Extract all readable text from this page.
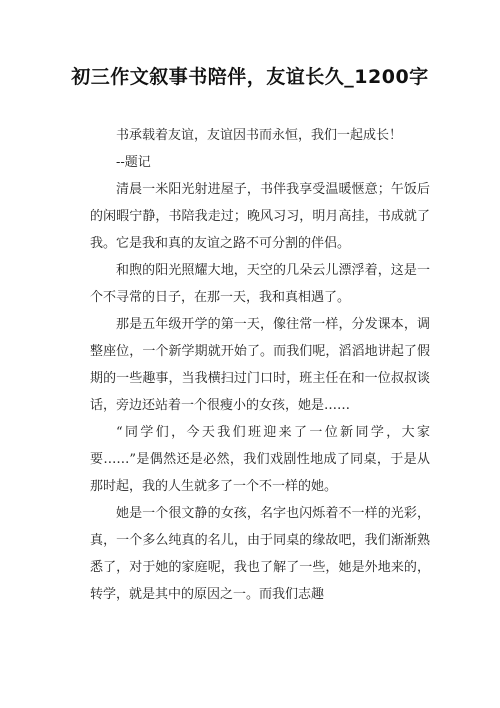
初三作文叙事书陪伴，友谊长久_1200字

书承载着友谊，友谊因书而永恒，我们一起成长！

--题记

清晨一米阳光射进屋子，书伴我享受温暖惬意；午饭后的闲暇宁静，书陪我走过；晚风习习，明月高挂，书成就了我。它是我和真的友谊之路不可分割的伴侣。

和煦的阳光照耀大地，天空的几朵云儿漂浮着，这是一个不寻常的日子，在那一天，我和真相遇了。

那是五年级开学的第一天，像往常一样，分发课本，调整座位，一个新学期就开始了。而我们呢，滔滔地讲起了假期的一些趣事，当我横扫过门口时，班主任在和一位叔叔谈话，旁边还站着一个很瘦小的女孩，她是……

“同学们，今天我们班迎来了一位新同学，大家要……”是偶然还是必然，我们戏剧性地成了同桌，于是从那时起，我的人生就多了一个不一样的她。

她是一个很文静的女孩，名字也闪烁着不一样的光彩，真，一个多么纯真的名儿，由于同桌的缘故吧，我们渐渐熟悉了，对于她的家庭呢，我也了解了一些，她是外地来的，转学，就是其中的原因之一。而我们志趣
